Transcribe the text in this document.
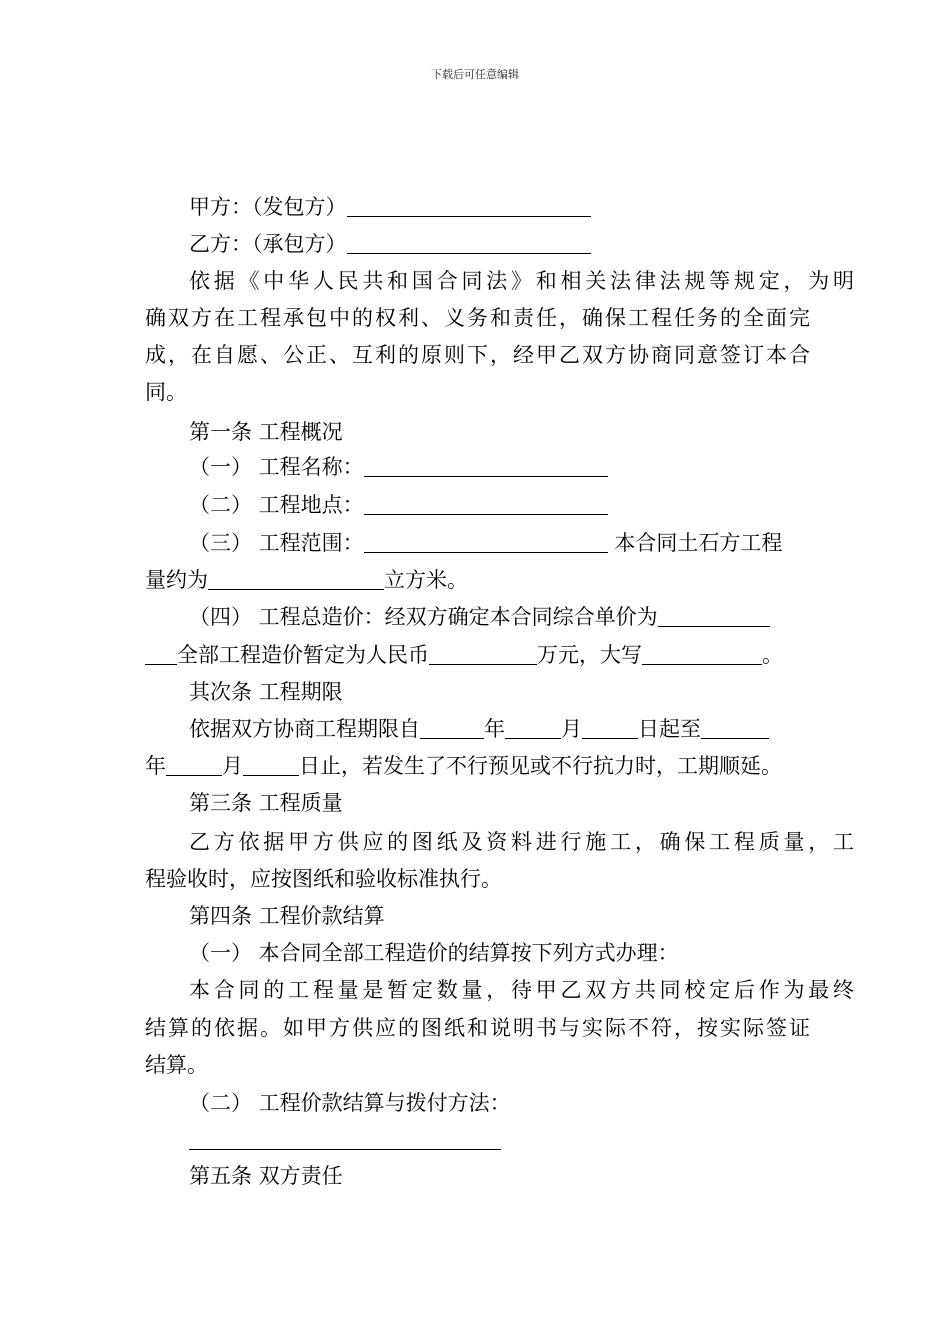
下载后可任意编辑
甲方：（发包方）
乙方：（承包方）
依据《中华人民共和国合同法》和相关法律法规等规定，为明
确双方在工程承包中的权利、义务和责任，确保工程任务的全面完
成，在自愿、公正、互利的原则下，经甲乙双方协商同意签订本合
同。
第一条 工程概况
（一） 工程名称：
（二） 工程地点：
（三） 工程范围：	本合同土石方工程
量约为	立方米。
（四） 工程总造价：经双方确定本合同综合单价为
全部工程造价暂定为人民币	万元，大写	。
其次条 工程期限
依据双方协商工程期限自	年	月	日起至
年	月	日止，若发生了不行预见或不行抗力时，工期顺延。
第三条 工程质量
乙方依据甲方供应的图纸及资料进行施工，确保工程质量，工
程验收时，应按图纸和验收标准执行。
第四条 工程价款结算
（一） 本合同全部工程造价的结算按下列方式办理：
本合同的工程量是暂定数量，待甲乙双方共同校定后作为最终
结算的依据。如甲方供应的图纸和说明书与实际不符，按实际签证
结算。
（二） 工程价款结算与拨付方法：
第五条 双方责任
